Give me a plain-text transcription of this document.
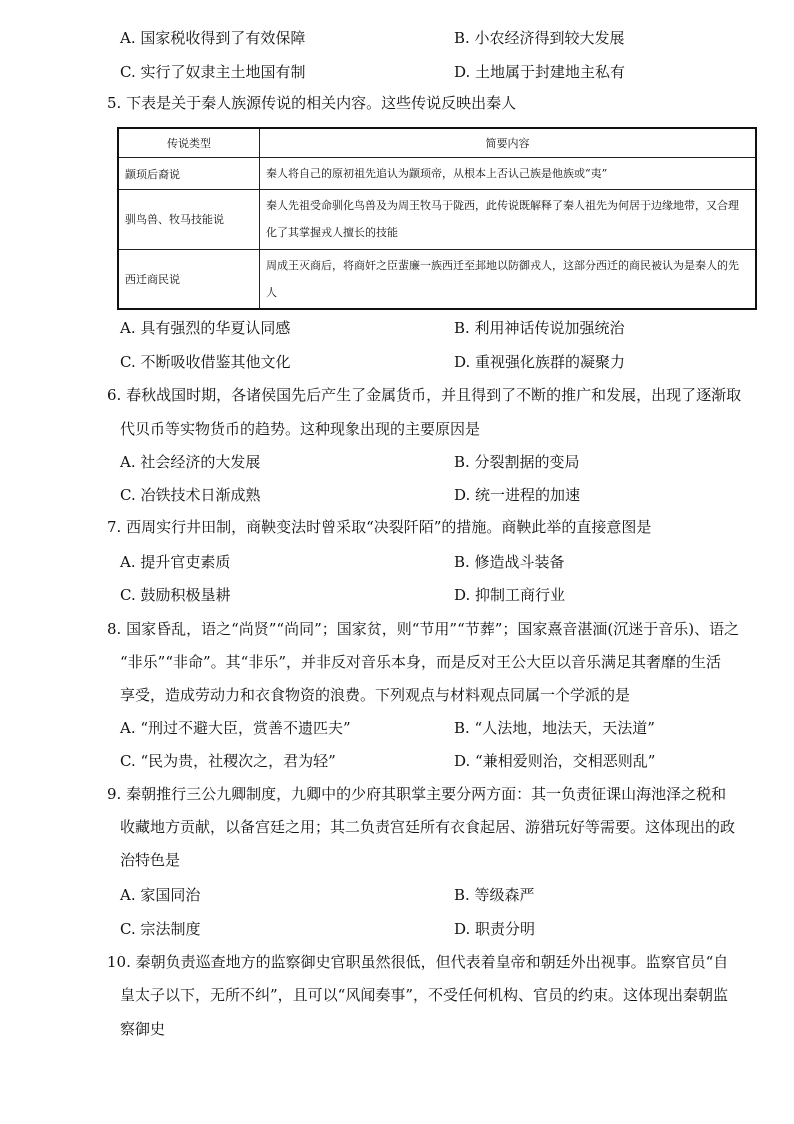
A. 国家税收得到了有效保障	B. 小农经济得到较大发展
C. 实行了奴隶主土地国有制	D. 土地属于封建地主私有
5. 下表是关于秦人族源传说的相关内容。这些传说反映出秦人
传说类型	简要内容
颛顼后裔说	秦人将自己的原初祖先追认为颛顼帝，从根本上否认己族是他族或“夷”
驯鸟兽、牧马技能说	秦人先祖受命驯化鸟兽及为周王牧马于陇西，此传说既解释了秦人祖先为何居于边缘地带，又合理化了其掌握戎人擅长的技能
西迁商民说	周成王灭商后，将商奸之臣蜚廉一族西迁至邽地以防御戎人，这部分西迁的商民被认为是秦人的先人
A. 具有强烈的华夏认同感	B. 利用神话传说加强统治
C. 不断吸收借鉴其他文化	D. 重视强化族群的凝聚力
6. 春秋战国时期，各诸侯国先后产生了金属货币，并且得到了不断的推广和发展，出现了逐渐取
代贝币等实物货币的趋势。这种现象出现的主要原因是
A. 社会经济的大发展	B. 分裂割据的变局
C. 冶铁技术日渐成熟	D. 统一进程的加速
7. 西周实行井田制，商鞅变法时曾采取“决裂阡陌”的措施。商鞅此举的直接意图是
A. 提升官吏素质	B. 修造战斗装备
C. 鼓励积极垦耕	D. 抑制工商行业
8. 国家昏乱，语之“尚贤”“尚同”；国家贫，则“节用”“节葬”；国家熹音湛湎(沉迷于音乐)、语之
“非乐”“非命”。其“非乐”，并非反对音乐本身，而是反对王公大臣以音乐满足其奢靡的生活
享受，造成劳动力和衣食物资的浪费。下列观点与材料观点同属一个学派的是
A. “刑过不避大臣，赏善不遗匹夫”	B. “人法地，地法天，天法道”
C. “民为贵，社稷次之，君为轻”	D. “兼相爱则治，交相恶则乱”
9. 秦朝推行三公九卿制度，九卿中的少府其职掌主要分两方面：其一负责征课山海池泽之税和
收藏地方贡献，以备宫廷之用；其二负责宫廷所有衣食起居、游猎玩好等需要。这体现出的政
治特色是
A. 家国同治	B. 等级森严
C. 宗法制度	D. 职责分明
10. 秦朝负责巡查地方的监察御史官职虽然很低，但代表着皇帝和朝廷外出视事。监察官员“自
皇太子以下，无所不纠”，且可以“风闻奏事”，不受任何机构、官员的约束。这体现出秦朝监
察御史
